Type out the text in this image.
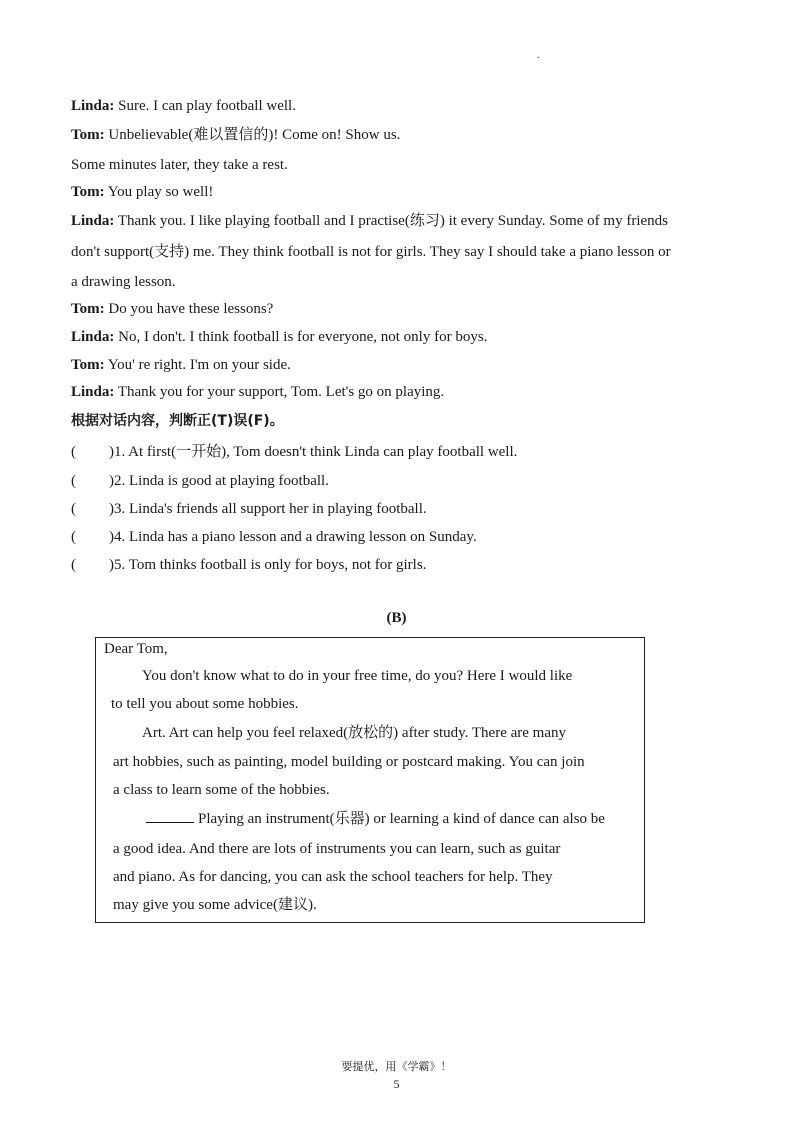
.
Linda: Sure. I can play football well.
Tom: Unbelievable(难以置信的)! Come on! Show us.
Some minutes later, they take a rest.
Tom: You play so well!
Linda: Thank you. I like playing football and I practise(练习) it every Sunday. Some of my friends
don't support(支持) me. They think football is not for girls. They say I should take a piano lesson or
a drawing lesson.
Tom: Do you have these lessons?
Linda: No, I don't. I think football is for everyone, not only for boys.
Tom: You' re right. I'm on your side.
Linda: Thank you for your support, Tom. Let's go on playing.
根据对话内容，判断正(T)误(F)。
( )1. At first(一开始), Tom doesn't think Linda can play football well.
( )2. Linda is good at playing football.
( )3. Linda's friends all support her in playing football.
( )4. Linda has a piano lesson and a drawing lesson on Sunday.
( )5. Tom thinks football is only for boys, not for girls.
(B)
Dear Tom,
You don't know what to do in your free time, do you? Here I would like
to tell you about some hobbies.
Art. Art can help you feel relaxed(放松的) after study. There are many
art hobbies, such as painting, model building or postcard making. You can join
a class to learn some of the hobbies.
Playing an instrument(乐器) or learning a kind of dance can also be
a good idea. And there are lots of instruments you can learn, such as guitar
and piano. As for dancing, you can ask the school teachers for help. They
may give you some advice(建议).
要提优，用《学霸》！
5
